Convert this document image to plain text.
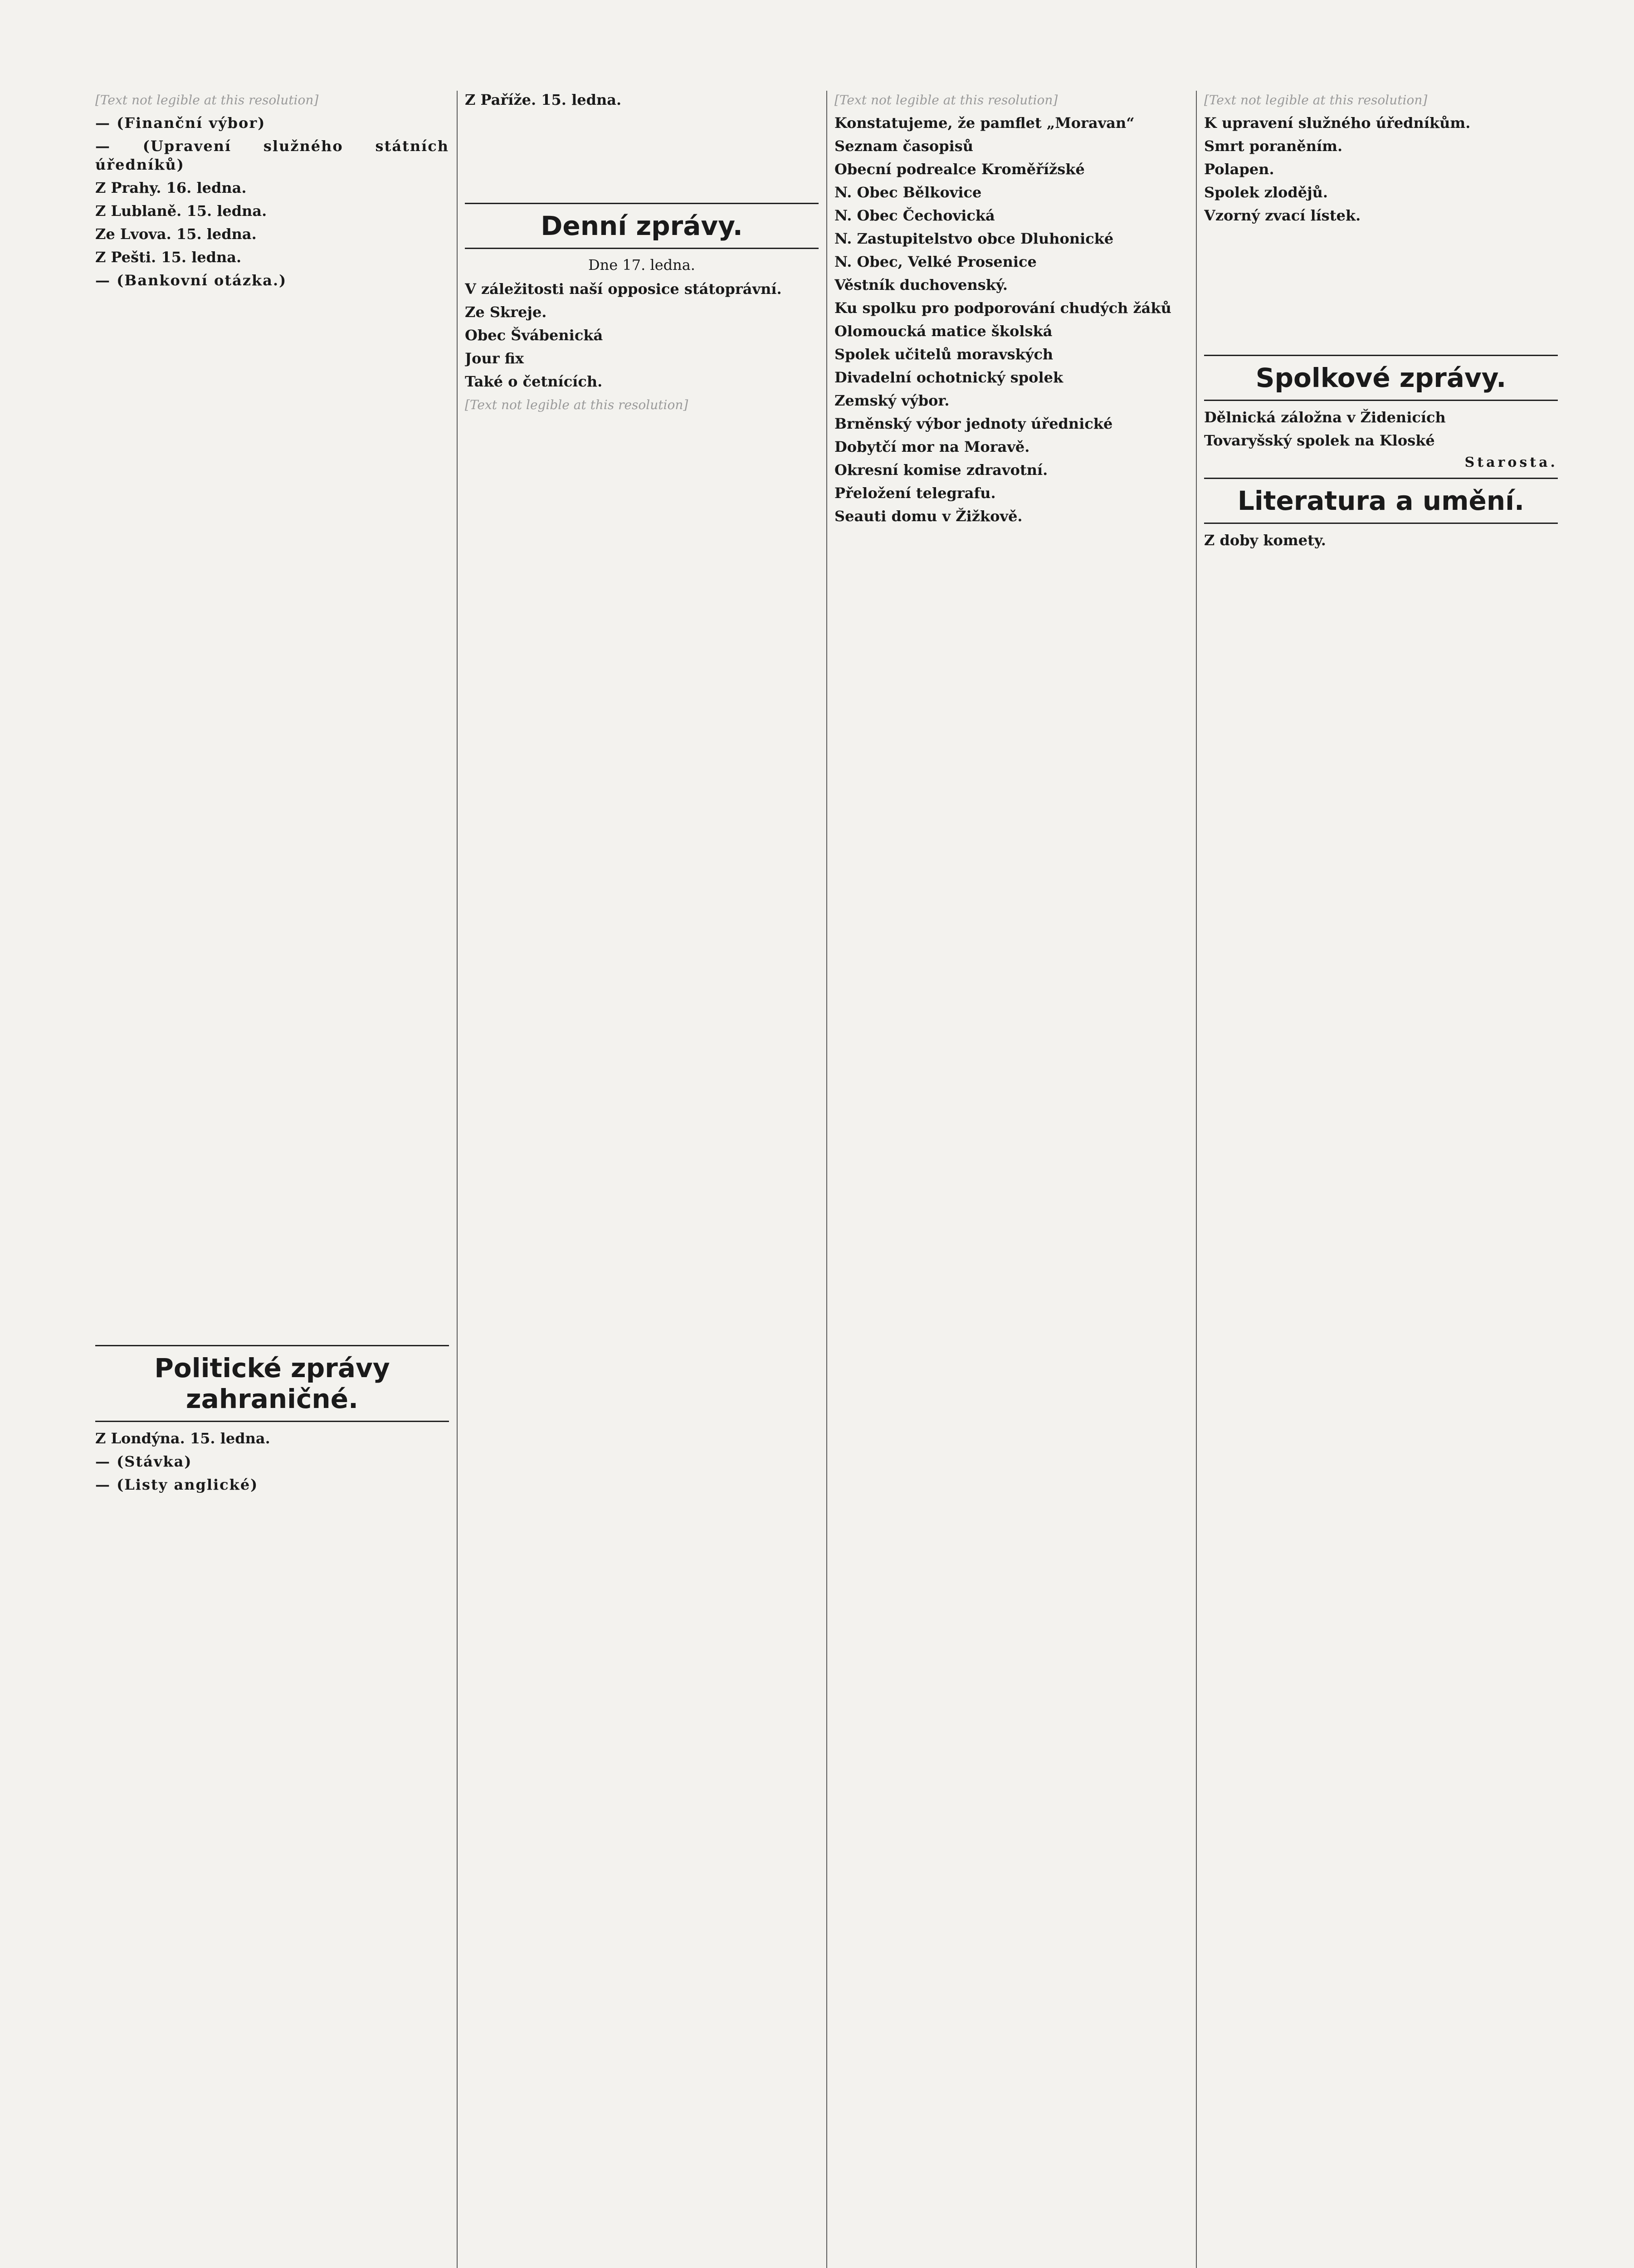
[Text not legible at this resolution]

— (Finanční výbor)

— (Upravení služného státních úředníků)

Z Prahy. 16. ledna.

Z Lublaně. 15. ledna.

Ze Lvova. 15. ledna.

Z Pešti. 15. ledna.

— (Bankovní otázka.)

Politické zprávy zahraničné.

Z Londýna. 15. ledna.

— (Stávka)

— (Listy anglické)

Z Paříže. 15. ledna.

Denní zprávy.
Dne 17. ledna.

V záležitosti naší opposice státoprávní.

Ze Skreje.

Obec Švábenická

Jour fix

Také o četnících.

[Text not legible at this resolution]

[Text not legible at this resolution]

Konstatujeme, že pamflet „Moravan“

Seznam časopisů

Obecní podrealce Kroměřížské

N. Obec Bělkovice

N. Obec Čechovická

N. Zastupitelstvo obce Dluhonické

N. Obec, Velké Prosenice

Věstník duchovenský.

Ku spolku pro podporování chudých žáků

Olomoucká matice školská

Spolek učitelů moravských

Divadelní ochotnický spolek

Zemský výbor.

Brněnský výbor jednoty úřednické

Dobytčí mor na Moravě.

Okresní komise zdravotní.

Přeložení telegrafu.

Seauti domu v Žižkově.

[Text not legible at this resolution]

K upravení služného úředníkům.

Smrt poraněním.

Polapen.

Spolek zlodějů.

Vzorný zvací lístek.

Spolkové zprávy.

Dělnická záložna v Židenicích

Tovaryšský spolek na Kloské

Starosta.
Literatura a umění.

Z doby komety.
